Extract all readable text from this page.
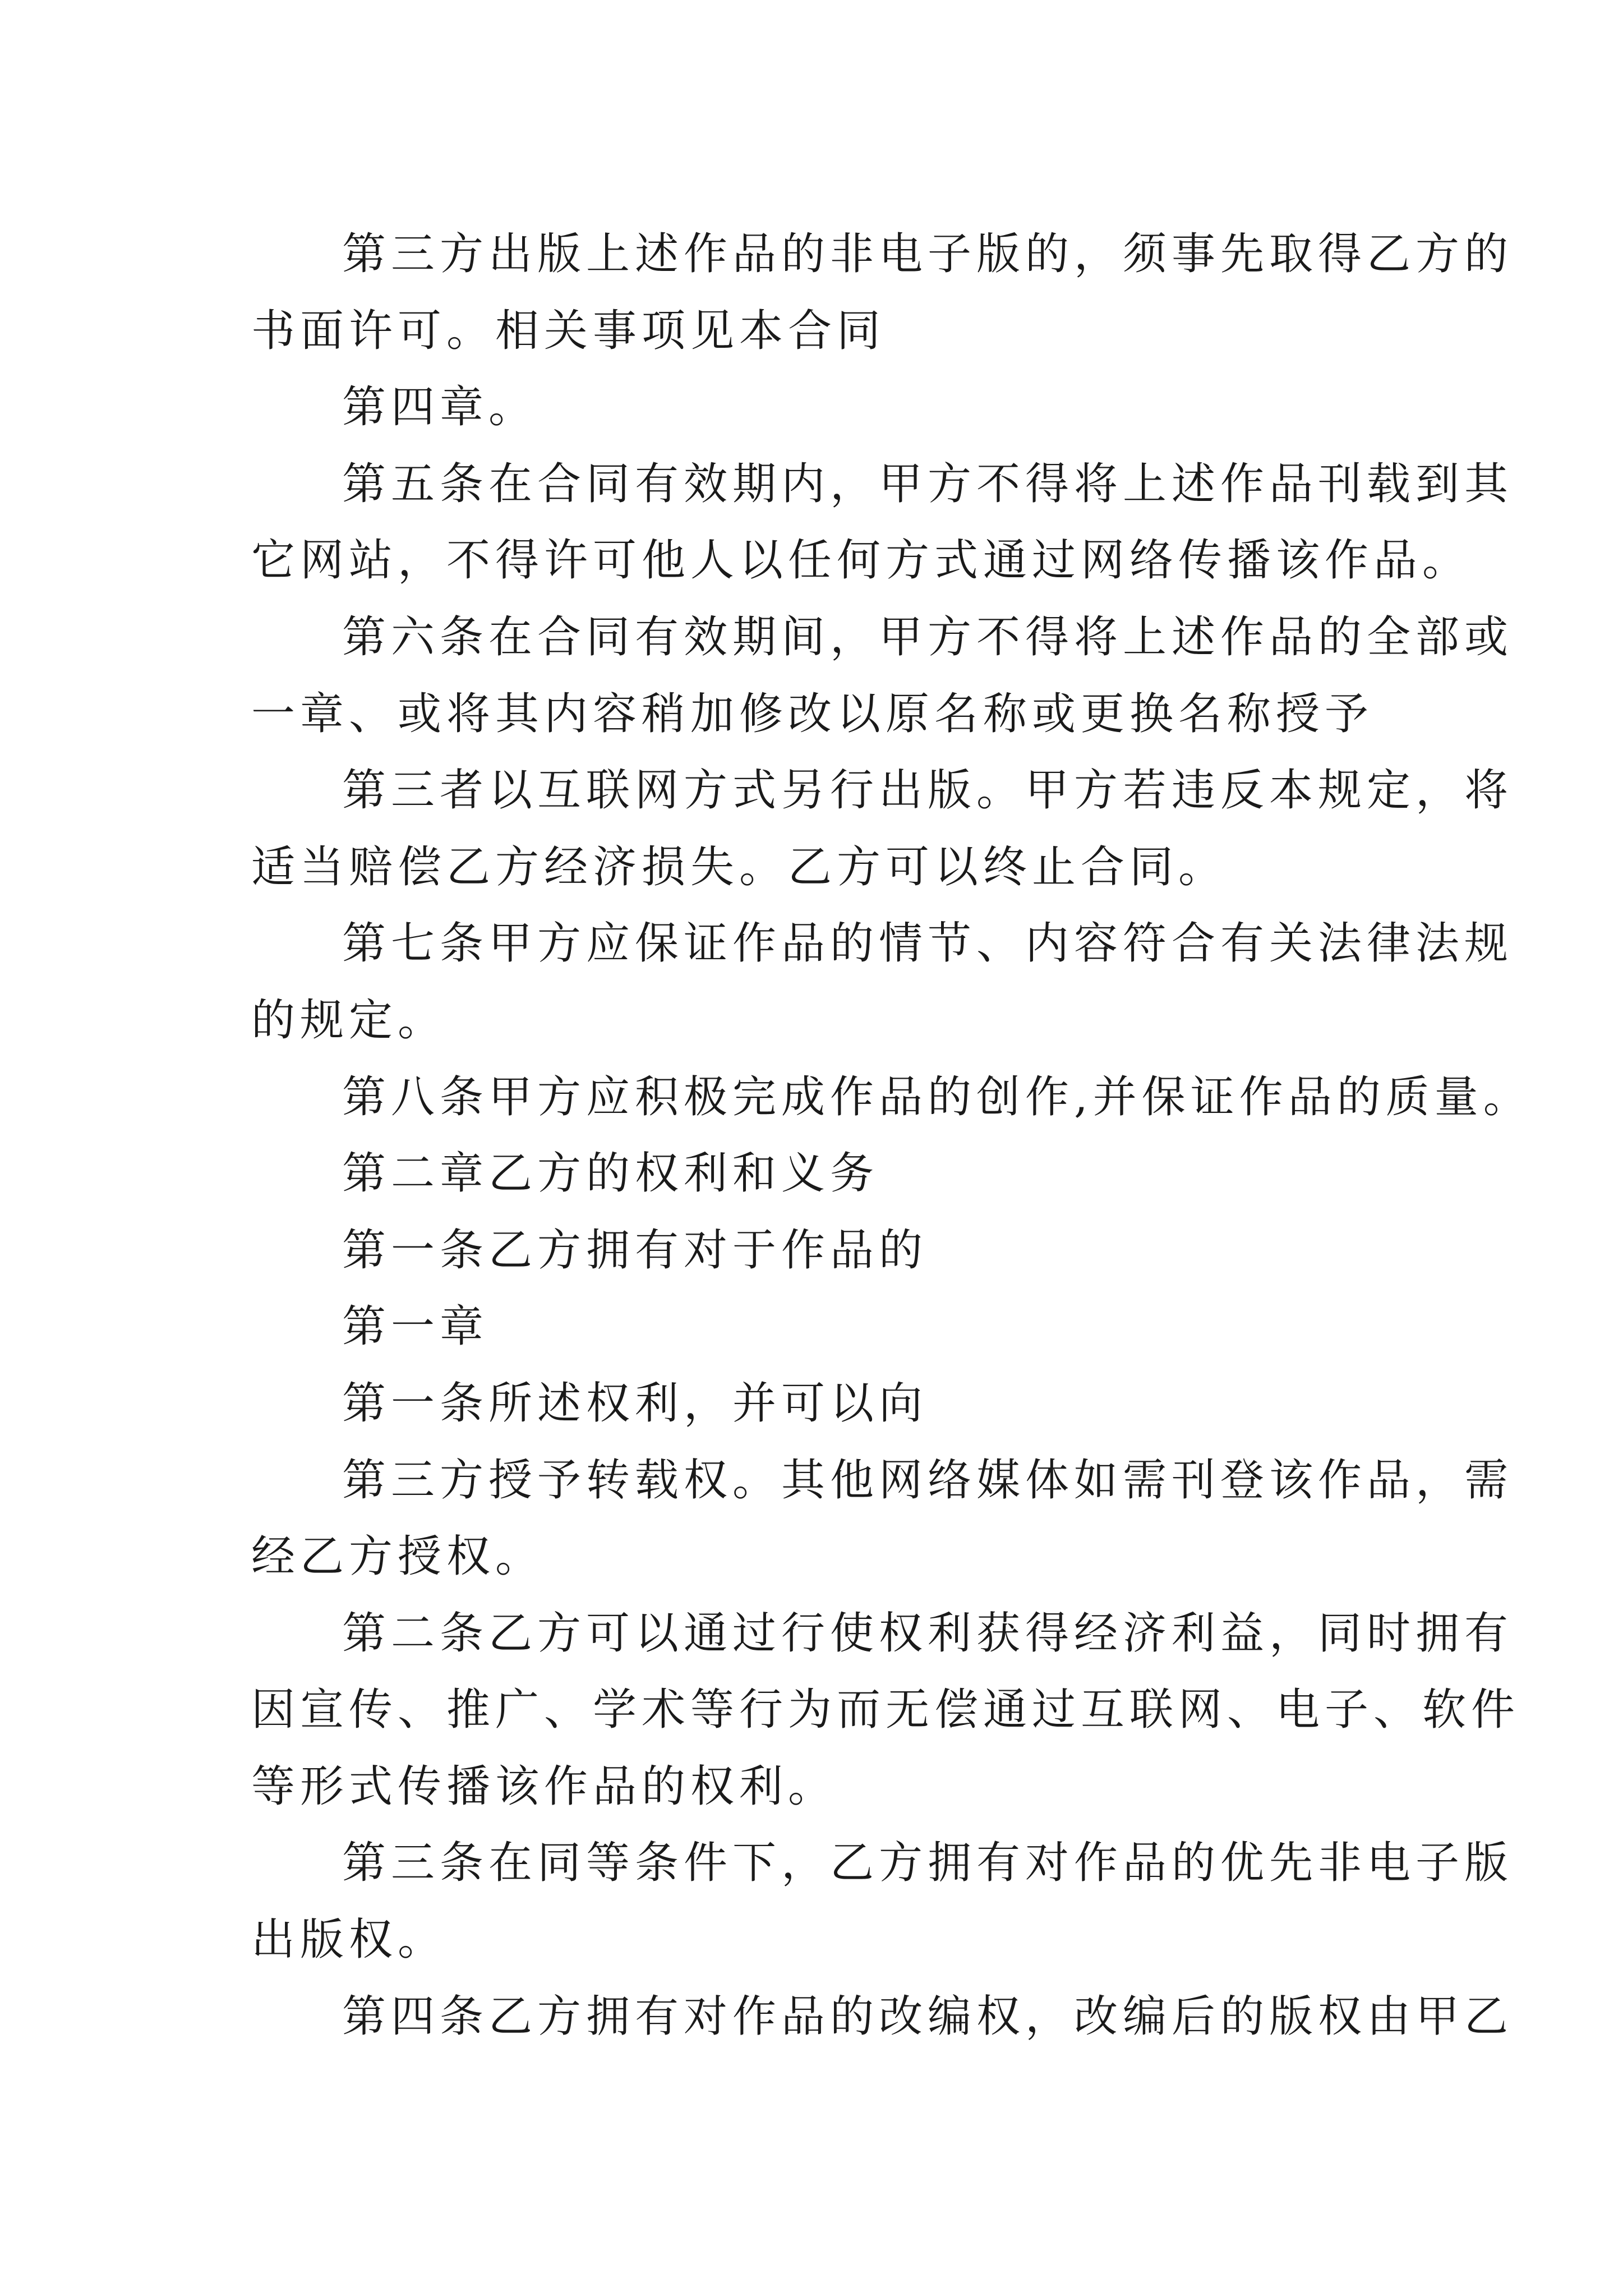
第三方出版上述作品的非电子版的，须事先取得乙方的
书面许可。相关事项见本合同
第四章。
第五条在合同有效期内，甲方不得将上述作品刊载到其
它网站，不得许可他人以任何方式通过网络传播该作品。
第六条在合同有效期间，甲方不得将上述作品的全部或
一章、或将其内容稍加修改以原名称或更换名称授予
第三者以互联网方式另行出版。甲方若违反本规定，将
适当赔偿乙方经济损失。乙方可以终止合同。
第七条甲方应保证作品的情节、内容符合有关法律法规
的规定。
第八条甲方应积极完成作品的创作,并保证作品的质量。
第二章乙方的权利和义务
第一条乙方拥有对于作品的
第一章
第一条所述权利，并可以向
第三方授予转载权。其他网络媒体如需刊登该作品，需
经乙方授权。
第二条乙方可以通过行使权利获得经济利益，同时拥有
因宣传、推广、学术等行为而无偿通过互联网、电子、软件
等形式传播该作品的权利。
第三条在同等条件下，乙方拥有对作品的优先非电子版
出版权。
第四条乙方拥有对作品的改编权，改编后的版权由甲乙
